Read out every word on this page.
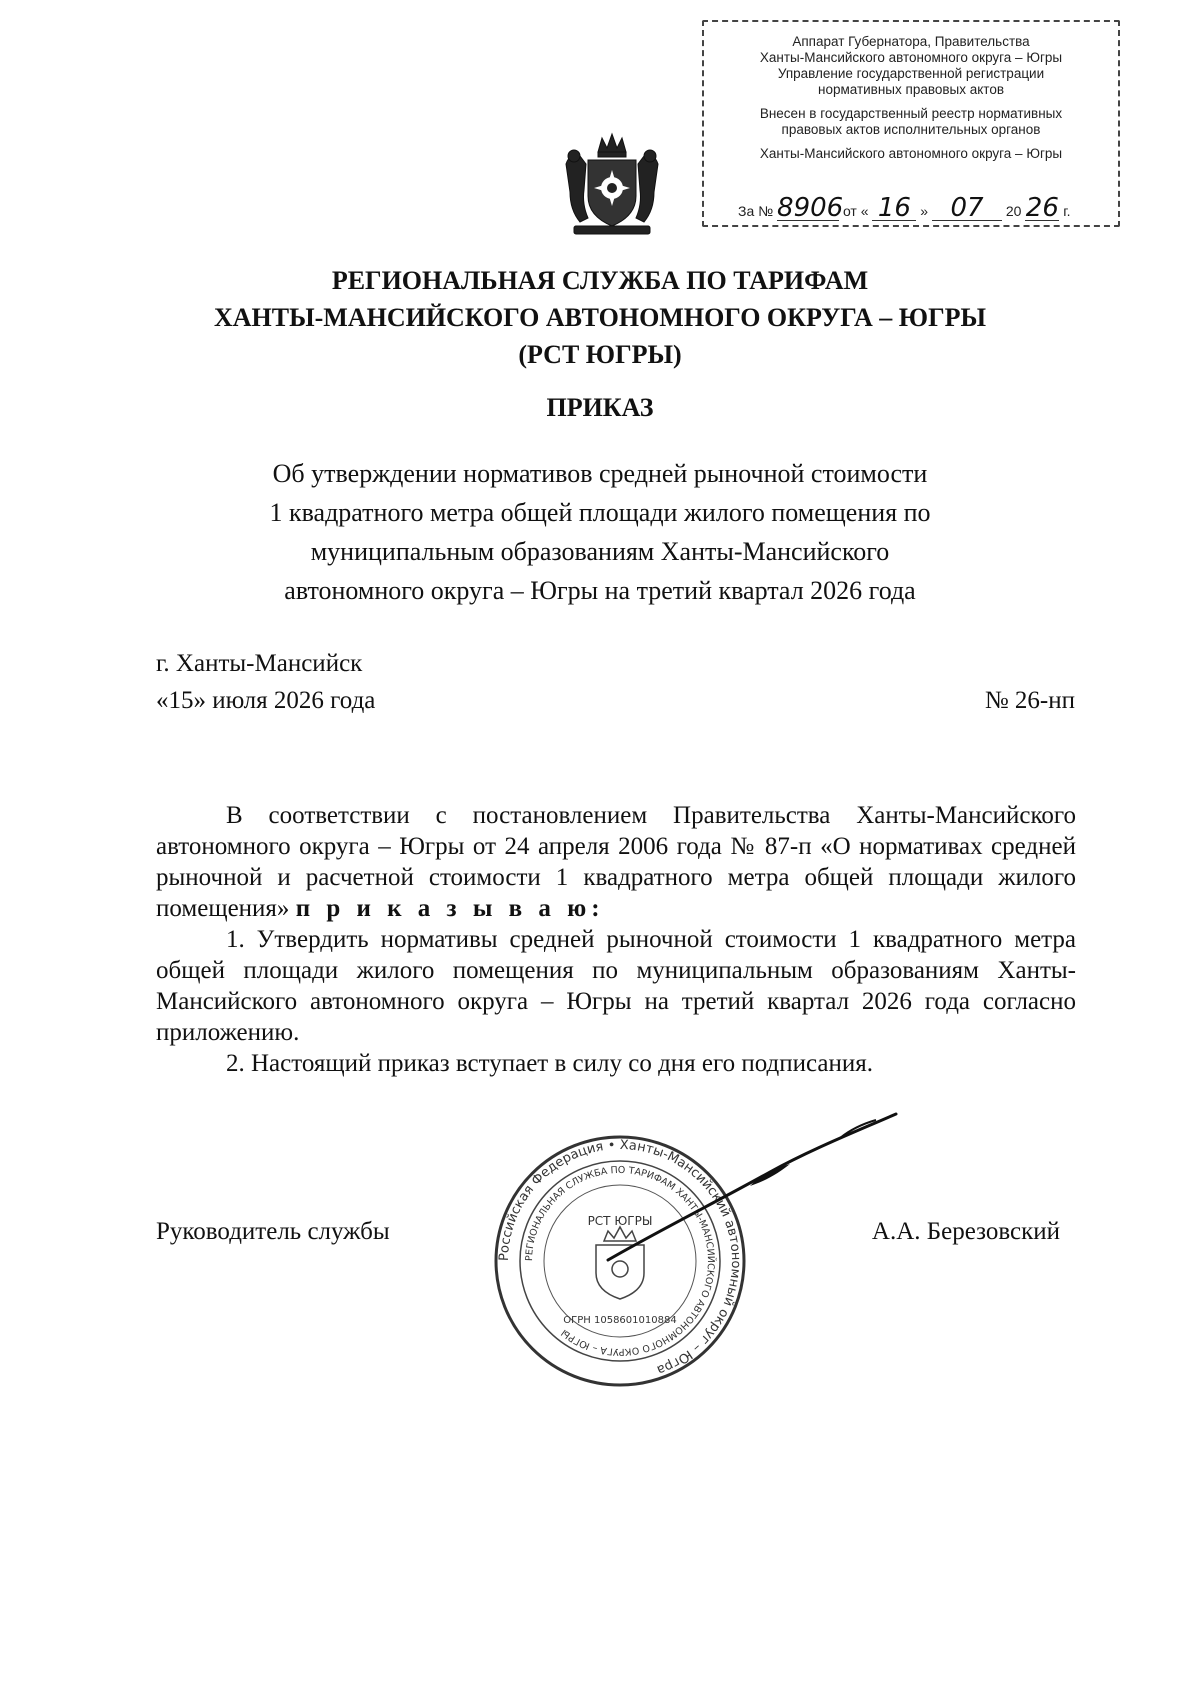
Аппарат Губернатора, Правительства
Ханты-Мансийского автономного округа – Югры
Управление государственной регистрации
нормативных правовых актов
Внесен в государственный реестр нормативных
правовых актов исполнительных органов
Ханты-Мансийского автономного округа – Югры
За № 8906 от « 16 » 07 20 26 г.
РЕГИОНАЛЬНАЯ СЛУЖБА ПО ТАРИФАМ
ХАНТЫ-МАНСИЙСКОГО АВТОНОМНОГО ОКРУГА – ЮГРЫ
(РСТ ЮГРЫ)
ПРИКАЗ
Об утверждении нормативов средней рыночной стоимости
1 квадратного метра общей площади жилого помещения по
муниципальным образованиям Ханты-Мансийского
автономного округа – Югры на третий квартал 2026 года
г. Ханты-Мансийск
«15» июля 2026 года	№ 26-нп

В соответствии с постановлением Правительства Ханты-Мансийского автономного округа – Югры от 24 апреля 2006 года № 87-п «О нормативах средней рыночной и расчетной стоимости 1 квадратного метра общей площади жилого помещения» п р и к а з ы в а ю:

1. Утвердить нормативы средней рыночной стоимости 1 квадратного метра общей площади жилого помещения по муниципальным образованиям Ханты-Мансийского автономного округа – Югры на третий квартал 2026 года согласно приложению.

2. Настоящий приказ вступает в силу со дня его подписания.

Руководитель службы	А.А. Березовский
Российская Федерация • Ханты-Мансийский автономный округ – Югра
РЕГИОНАЛЬНАЯ СЛУЖБА ПО ТАРИФАМ ХАНТЫ-МАНСИЙСКОГО АВТОНОМНОГО ОКРУГА – ЮГРЫ
РСТ ЮГРЫ
ОГРН 1058601010884
